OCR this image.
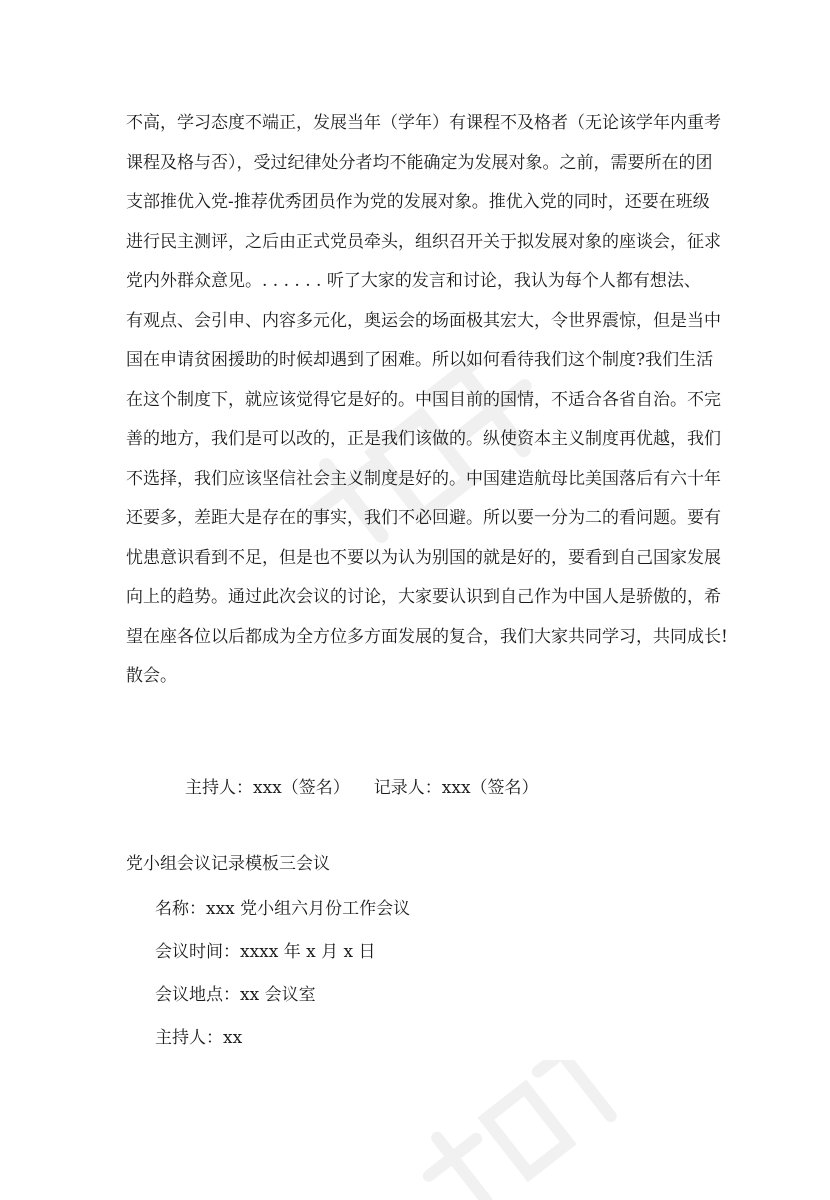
不高，学习态度不端正，发展当年（学年）有课程不及格者（无论该学年内重考
课程及格与否），受过纪律处分者均不能确定为发展对象。之前，需要所在的团
支部推优入党-推荐优秀团员作为党的发展对象。推优入党的同时，还要在班级
进行民主测评，之后由正式党员牵头，组织召开关于拟发展对象的座谈会，征求
党内外群众意见。. . . . . . 听了大家的发言和讨论，我认为每个人都有想法、
有观点、会引申、内容多元化，奥运会的场面极其宏大，令世界震惊，但是当中
国在申请贫困援助的时候却遇到了困难。所以如何看待我们这个制度?我们生活
在这个制度下，就应该觉得它是好的。中国目前的国情，不适合各省自治。不完
善的地方，我们是可以改的，正是我们该做的。纵使资本主义制度再优越，我们
不选择，我们应该坚信社会主义制度是好的。中国建造航母比美国落后有六十年
还要多，差距大是存在的事实，我们不必回避。所以要一分为二的看问题。要有
忧患意识看到不足，但是也不要以为认为别国的就是好的，要看到自己国家发展
向上的趋势。通过此次会议的讨论，大家要认识到自己作为中国人是骄傲的，希
望在座各位以后都成为全方位多方面发展的复合，我们大家共同学习，共同成长!
散会。

主持人：xxx（签名） 记录人：xxx（签名）

党小组会议记录模板三会议

名称：xxx 党小组六月份工作会议

会议时间：xxxx 年 x 月 x 日

会议地点：xx 会议室

主持人：xx
